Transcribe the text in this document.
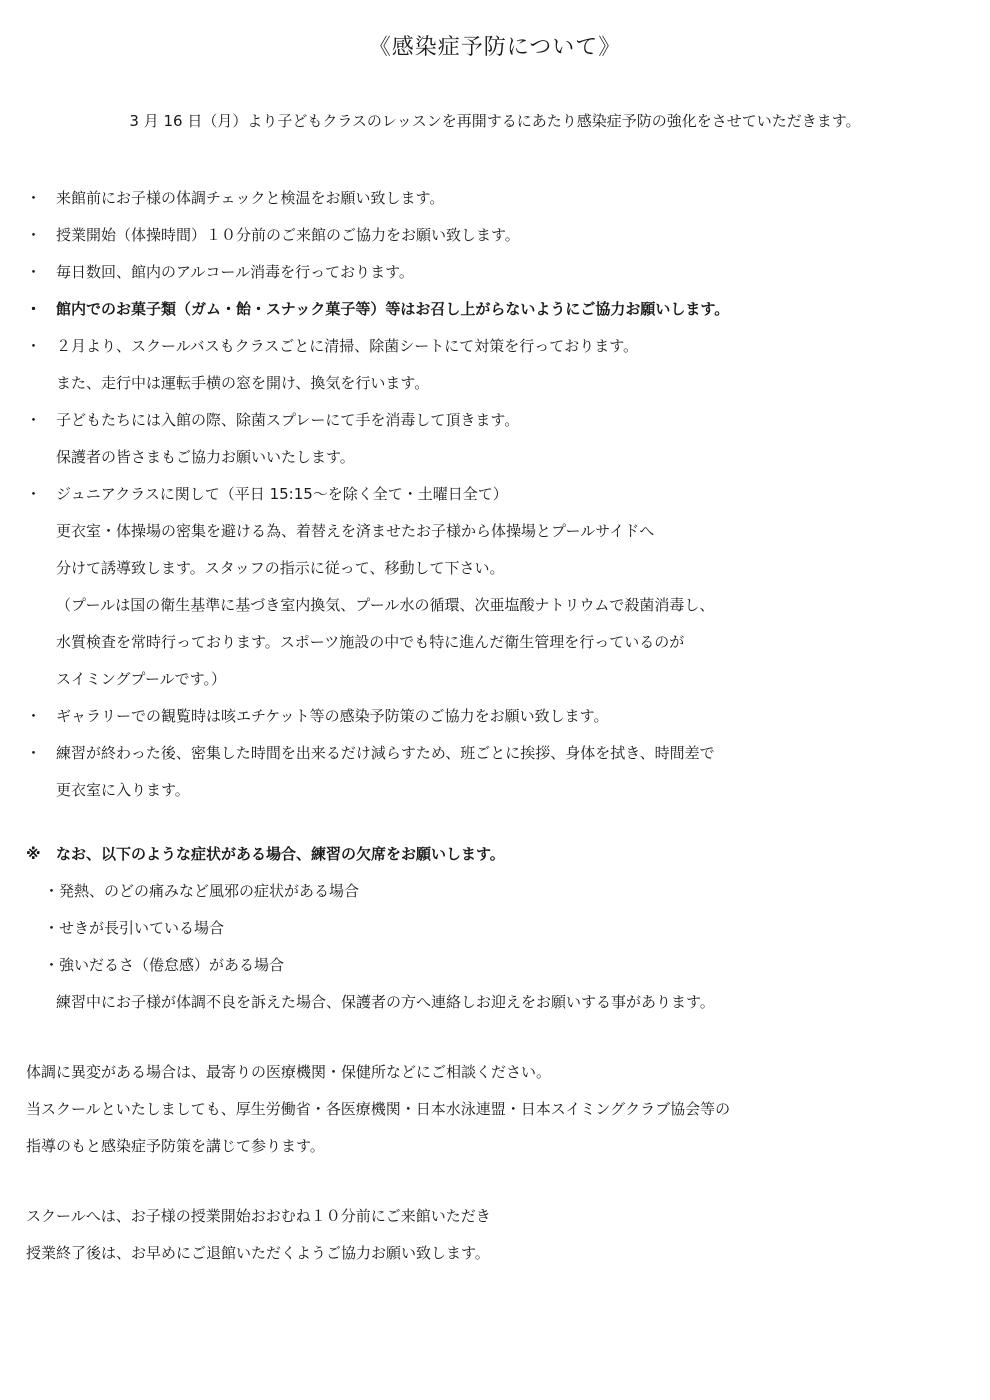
《感染症予防について》
3 月 16 日（月）より子どもクラスのレッスンを再開するにあたり感染症予防の強化をさせていただきます。
・ 来館前にお子様の体調チェックと検温をお願い致します。
・ 授業開始（体操時間）１０分前のご来館のご協力をお願い致します。
・ 毎日数回、館内のアルコール消毒を行っております。
・ 館内でのお菓子類（ガム・飴・スナック菓子等）等はお召し上がらないようにご協力お願いします。
・ ２月より、スクールバスもクラスごとに清掃、除菌シートにて対策を行っております。
また、走行中は運転手横の窓を開け、換気を行います。
・ 子どもたちには入館の際、除菌スプレーにて手を消毒して頂きます。
保護者の皆さまもご協力お願いいたします。
・ ジュニアクラスに関して（平日 15:15～を除く全て・土曜日全て）
更衣室・体操場の密集を避ける為、着替えを済ませたお子様から体操場とプールサイドへ
分けて誘導致します。スタッフの指示に従って、移動して下さい。
（プールは国の衛生基準に基づき室内換気、プール水の循環、次亜塩酸ナトリウムで殺菌消毒し、
水質検査を常時行っております。スポーツ施設の中でも特に進んだ衛生管理を行っているのが
スイミングプールです。）
・ ギャラリーでの観覧時は咳エチケット等の感染予防策のご協力をお願い致します。
・ 練習が終わった後、密集した時間を出来るだけ減らすため、班ごとに挨拶、身体を拭き、時間差で
更衣室に入ります。
※ なお、以下のような症状がある場合、練習の欠席をお願いします。
・発熱、のどの痛みなど風邪の症状がある場合
・せきが長引いている場合
・強いだるさ（倦怠感）がある場合
練習中にお子様が体調不良を訴えた場合、保護者の方へ連絡しお迎えをお願いする事があります。
体調に異変がある場合は、最寄りの医療機関・保健所などにご相談ください。
当スクールといたしましても、厚生労働省・各医療機関・日本水泳連盟・日本スイミングクラブ協会等の
指導のもと感染症予防策を講じて参ります。
スクールへは、お子様の授業開始おおむね１０分前にご来館いただき
授業終了後は、お早めにご退館いただくようご協力お願い致します。
